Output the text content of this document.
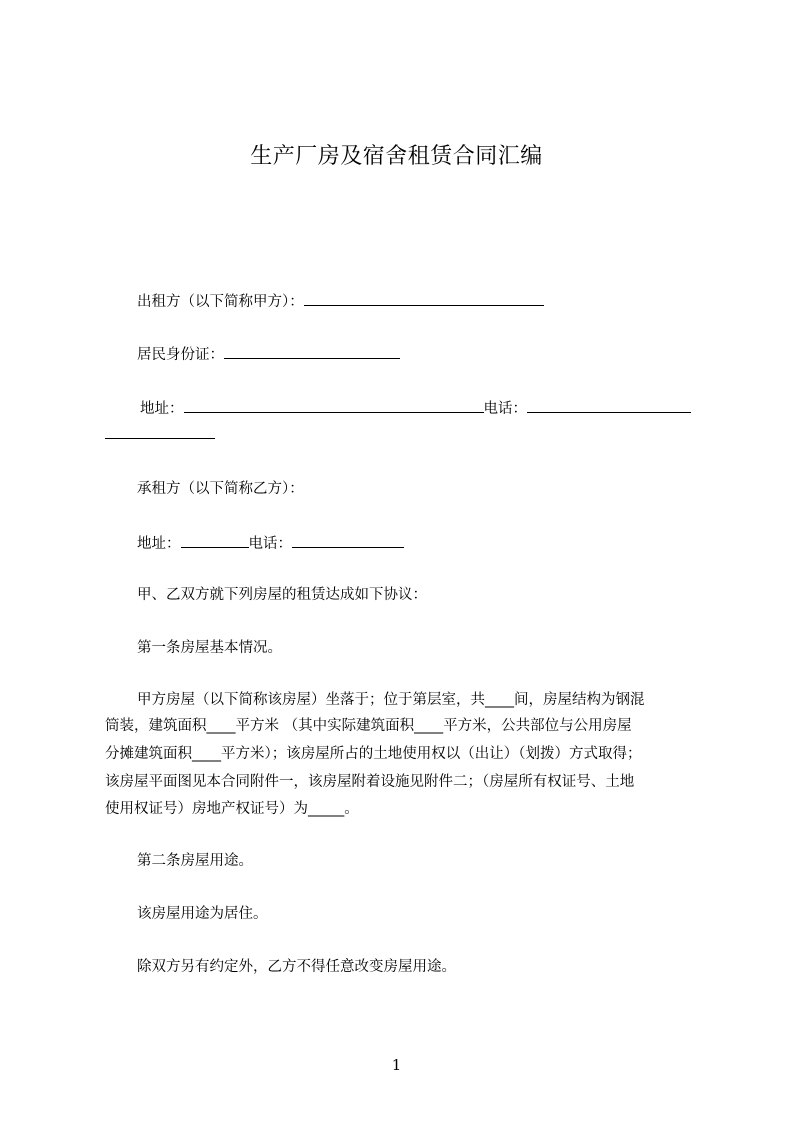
生产厂房及宿舍租赁合同汇编
出租方（以下简称甲方）：
居民身份证：
地址：	电话：
承租方（以下简称乙方）：
地址：	电话：
甲、乙双方就下列房屋的租赁达成如下协议：
第一条房屋基本情况。
甲方房屋（以下简称该房屋）坐落于；位于第层室，共____间，房屋结构为钢混
筒装，建筑面积____平方米 （其中实际建筑面积____平方米，公共部位与公用房屋
分摊建筑面积____平方米）；该房屋所占的土地使用权以（出让）（划拨）方式取得；
该房屋平面图见本合同附件一，该房屋附着设施见附件二；（房屋所有权证号、土地
使用权证号）房地产权证号）为_____。
第二条房屋用途。
该房屋用途为居住。
除双方另有约定外，乙方不得任意改变房屋用途。
1
